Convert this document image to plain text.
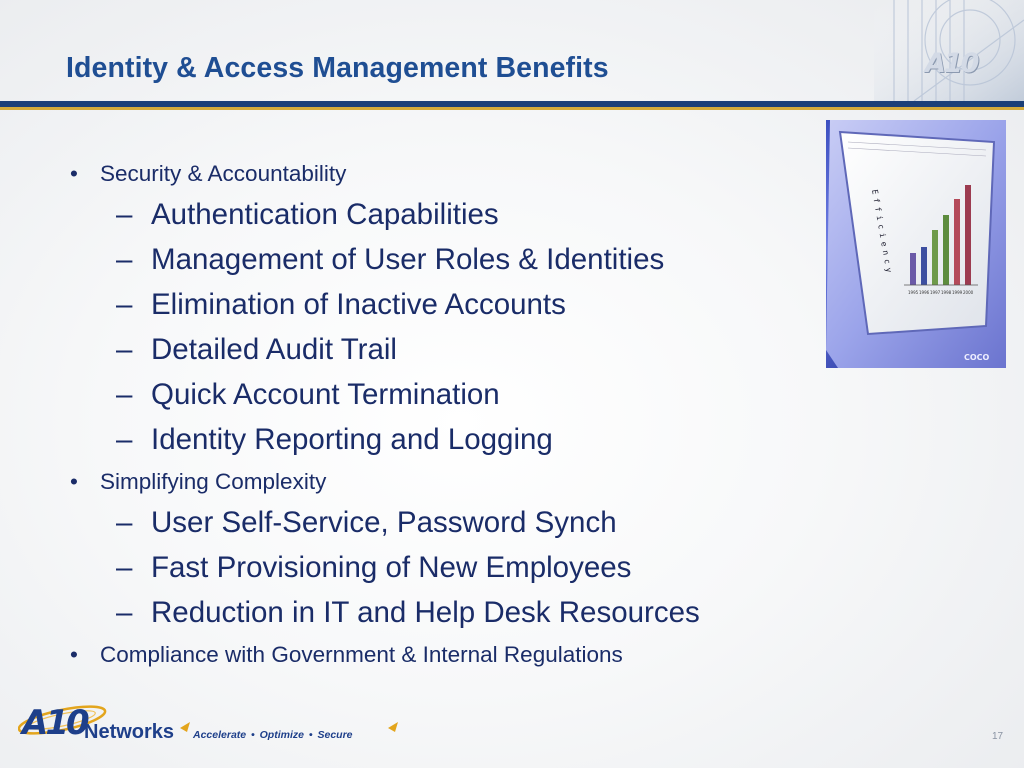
A10
Identity & Access Management Benefits
• Security & Accountability
– Authentication Capabilities
– Management of User Roles & Identities
– Elimination of Inactive Accounts
– Detailed Audit Trail
– Quick Account Termination
– Identity Reporting and Logging
• Simplifying Complexity
– User Self-Service, Password Synch
– Fast Provisioning of New Employees
– Reduction in IT and Help Desk Resources
• Compliance with Government & Internal Regulations
Efficiency
1995 1996 1997 1998 1999 2000
COCO
A10
Networks Accelerate • Optimize • Secure	17
